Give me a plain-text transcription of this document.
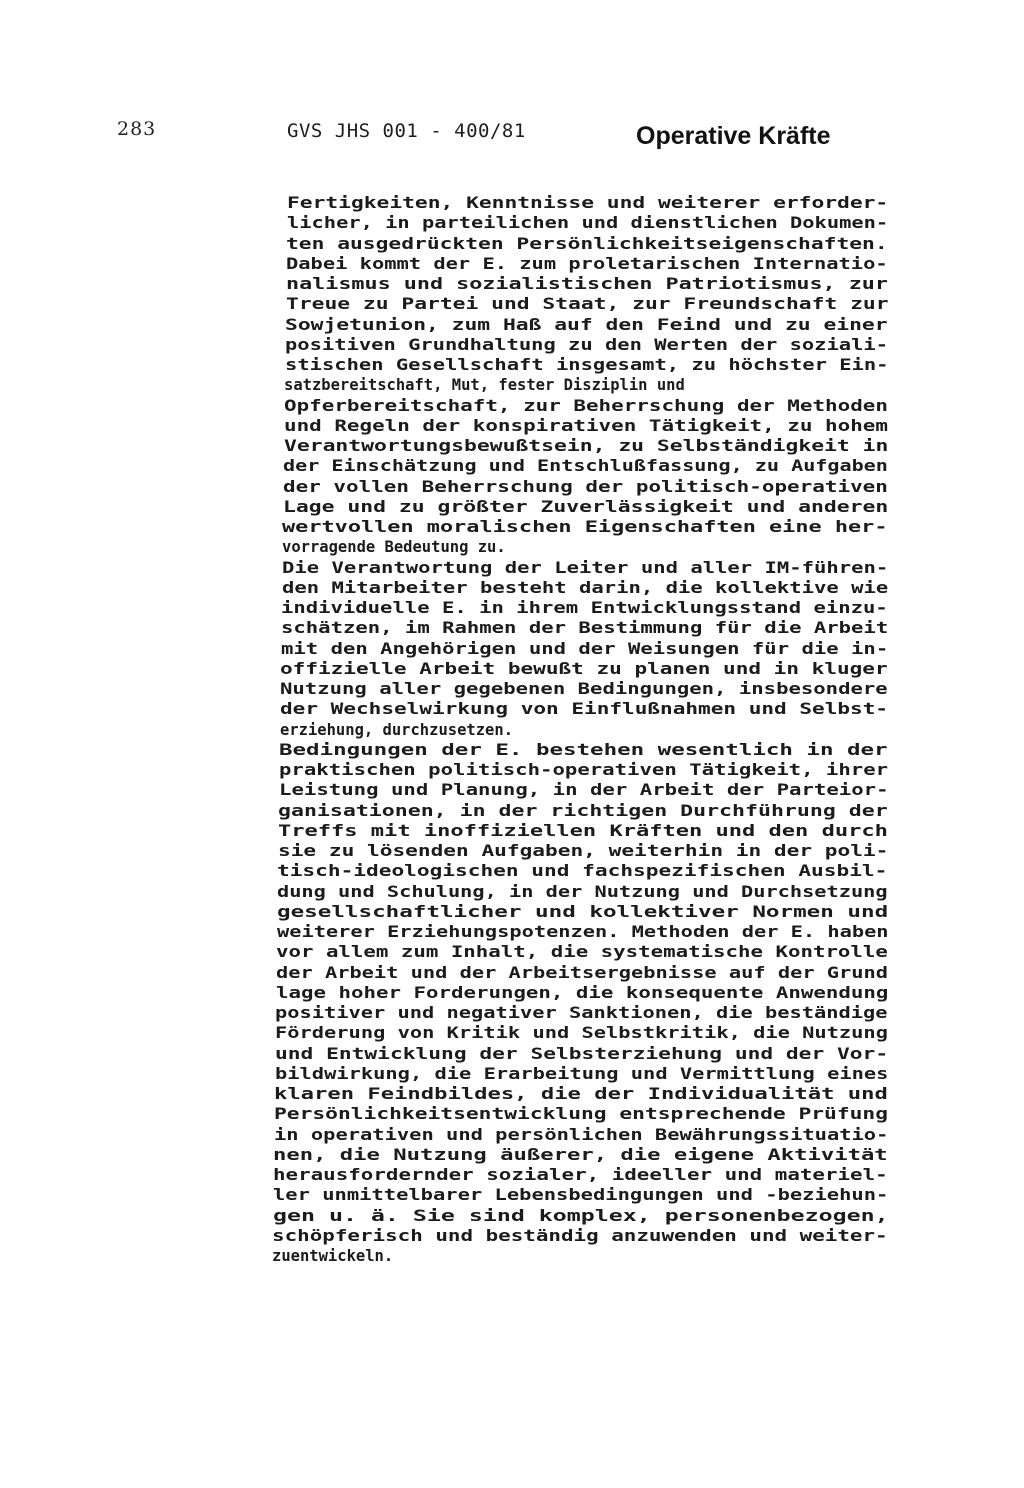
283	GVS JHS 001 - 400/81	Operative Kräfte
Fertigkeiten, Kenntnisse und weiterer erforder-
licher, in parteilichen und dienstlichen Dokumen-
ten ausgedrückten Persönlichkeitseigenschaften.
Dabei kommt der E. zum proletarischen Internatio-
nalismus und sozialistischen Patriotismus, zur
Treue zu Partei und Staat, zur Freundschaft zur
Sowjetunion, zum Haß auf den Feind und zu einer
positiven Grundhaltung zu den Werten der soziali-
stischen Gesellschaft insgesamt, zu höchster Ein-
satzbereitschaft, Mut, fester Disziplin und
Opferbereitschaft, zur Beherrschung der Methoden
und Regeln der konspirativen Tätigkeit, zu hohem
Verantwortungsbewußtsein, zu Selbständigkeit in
der Einschätzung und Entschlußfassung, zu Aufgaben
der vollen Beherrschung der politisch-operativen
Lage und zu größter Zuverlässigkeit und anderen
wertvollen moralischen Eigenschaften eine her-
vorragende Bedeutung zu.
Die Verantwortung der Leiter und aller IM-führen-
den Mitarbeiter besteht darin, die kollektive wie
individuelle E. in ihrem Entwicklungsstand einzu-
schätzen, im Rahmen der Bestimmung für die Arbeit
mit den Angehörigen und der Weisungen für die in-
offizielle Arbeit bewußt zu planen und in kluger
Nutzung aller gegebenen Bedingungen, insbesondere
der Wechselwirkung von Einflußnahmen und Selbst-
erziehung, durchzusetzen.
Bedingungen der E. bestehen wesentlich in der
praktischen politisch-operativen Tätigkeit, ihrer
Leistung und Planung, in der Arbeit der Parteior-
ganisationen, in der richtigen Durchführung der
Treffs mit inoffiziellen Kräften und den durch
sie zu lösenden Aufgaben, weiterhin in der poli-
tisch-ideologischen und fachspezifischen Ausbil-
dung und Schulung, in der Nutzung und Durchsetzung
gesellschaftlicher und kollektiver Normen und
weiterer Erziehungspotenzen. Methoden der E. haben
vor allem zum Inhalt, die systematische Kontrolle
der Arbeit und der Arbeitsergebnisse auf der Grund
lage hoher Forderungen, die konsequente Anwendung
positiver und negativer Sanktionen, die beständige
Förderung von Kritik und Selbstkritik, die Nutzung
und Entwicklung der Selbsterziehung und der Vor-
bildwirkung, die Erarbeitung und Vermittlung eines
klaren Feindbildes, die der Individualität und
Persönlichkeitsentwicklung entsprechende Prüfung
in operativen und persönlichen Bewährungssituatio-
nen, die Nutzung äußerer, die eigene Aktivität
herausfordernder sozialer, ideeller und materiel-
ler unmittelbarer Lebensbedingungen und -beziehun-
gen u. ä. Sie sind komplex, personenbezogen,
schöpferisch und beständig anzuwenden und weiter-
zuentwickeln.
